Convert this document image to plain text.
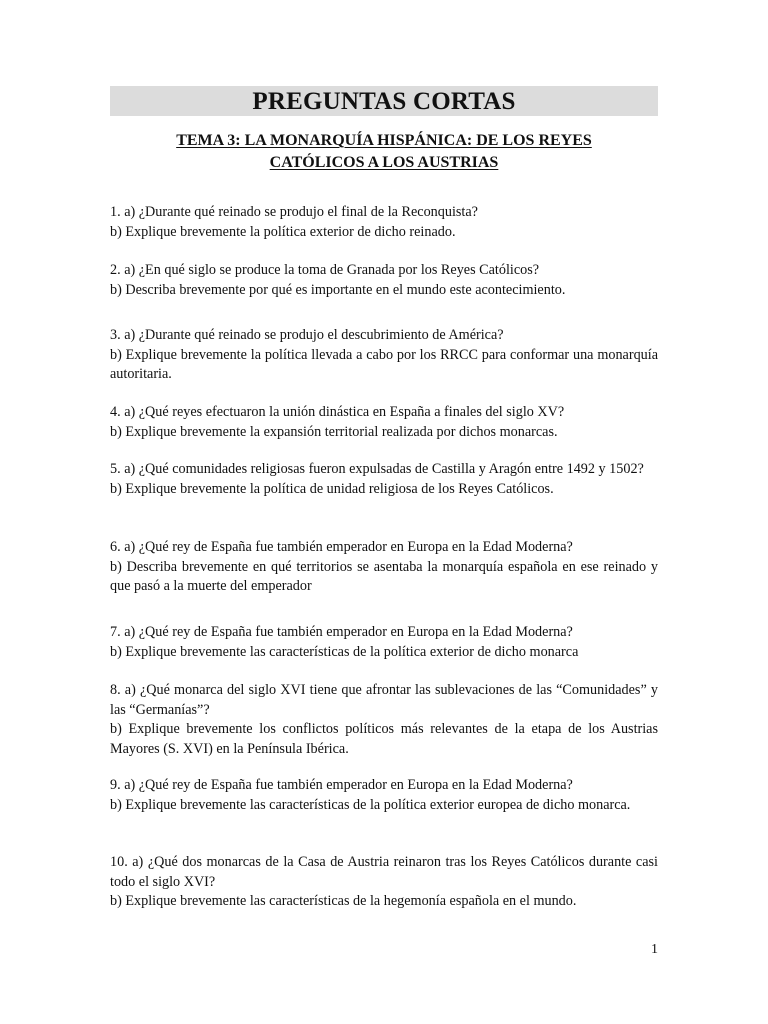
PREGUNTAS CORTAS
TEMA 3: LA MONARQUÍA HISPÁNICA: DE LOS REYES
CATÓLICOS A LOS AUSTRIAS

1. a) ¿Durante qué reinado se produjo el final de la Reconquista?

b) Explique brevemente la política exterior de dicho reinado.

2. a) ¿En qué siglo se produce la toma de Granada por los Reyes Católicos?

b) Describa brevemente por qué es importante en el mundo este acontecimiento.

3. a) ¿Durante qué reinado se produjo el descubrimiento de América?

b) Explique brevemente la política llevada a cabo por los RRCC para conformar una monarquía autoritaria.

4. a) ¿Qué reyes efectuaron la unión dinástica en España a finales del siglo XV?

b) Explique brevemente la expansión territorial realizada por dichos monarcas.

5. a) ¿Qué comunidades religiosas fueron expulsadas de Castilla y Aragón entre 1492 y 1502?

b) Explique brevemente la política de unidad religiosa de los Reyes Católicos.

6. a) ¿Qué rey de España fue también emperador en Europa en la Edad Moderna?

b) Describa brevemente en qué territorios se asentaba la monarquía española en ese reinado y que pasó a la muerte del emperador

7. a) ¿Qué rey de España fue también emperador en Europa en la Edad Moderna?

b) Explique brevemente las características de la política exterior de dicho monarca

8. a) ¿Qué monarca del siglo XVI tiene que afrontar las sublevaciones de las “Comunidades” y las “Germanías”?

b) Explique brevemente los conflictos políticos más relevantes de la etapa de los Austrias Mayores (S. XVI) en la Península Ibérica.

9. a) ¿Qué rey de España fue también emperador en Europa en la Edad Moderna?

b) Explique brevemente las características de la política exterior europea de dicho monarca.

10. a) ¿Qué dos monarcas de la Casa de Austria reinaron tras los Reyes Católicos durante casi todo el siglo XVI?

b) Explique brevemente las características de la hegemonía española en el mundo.

1
